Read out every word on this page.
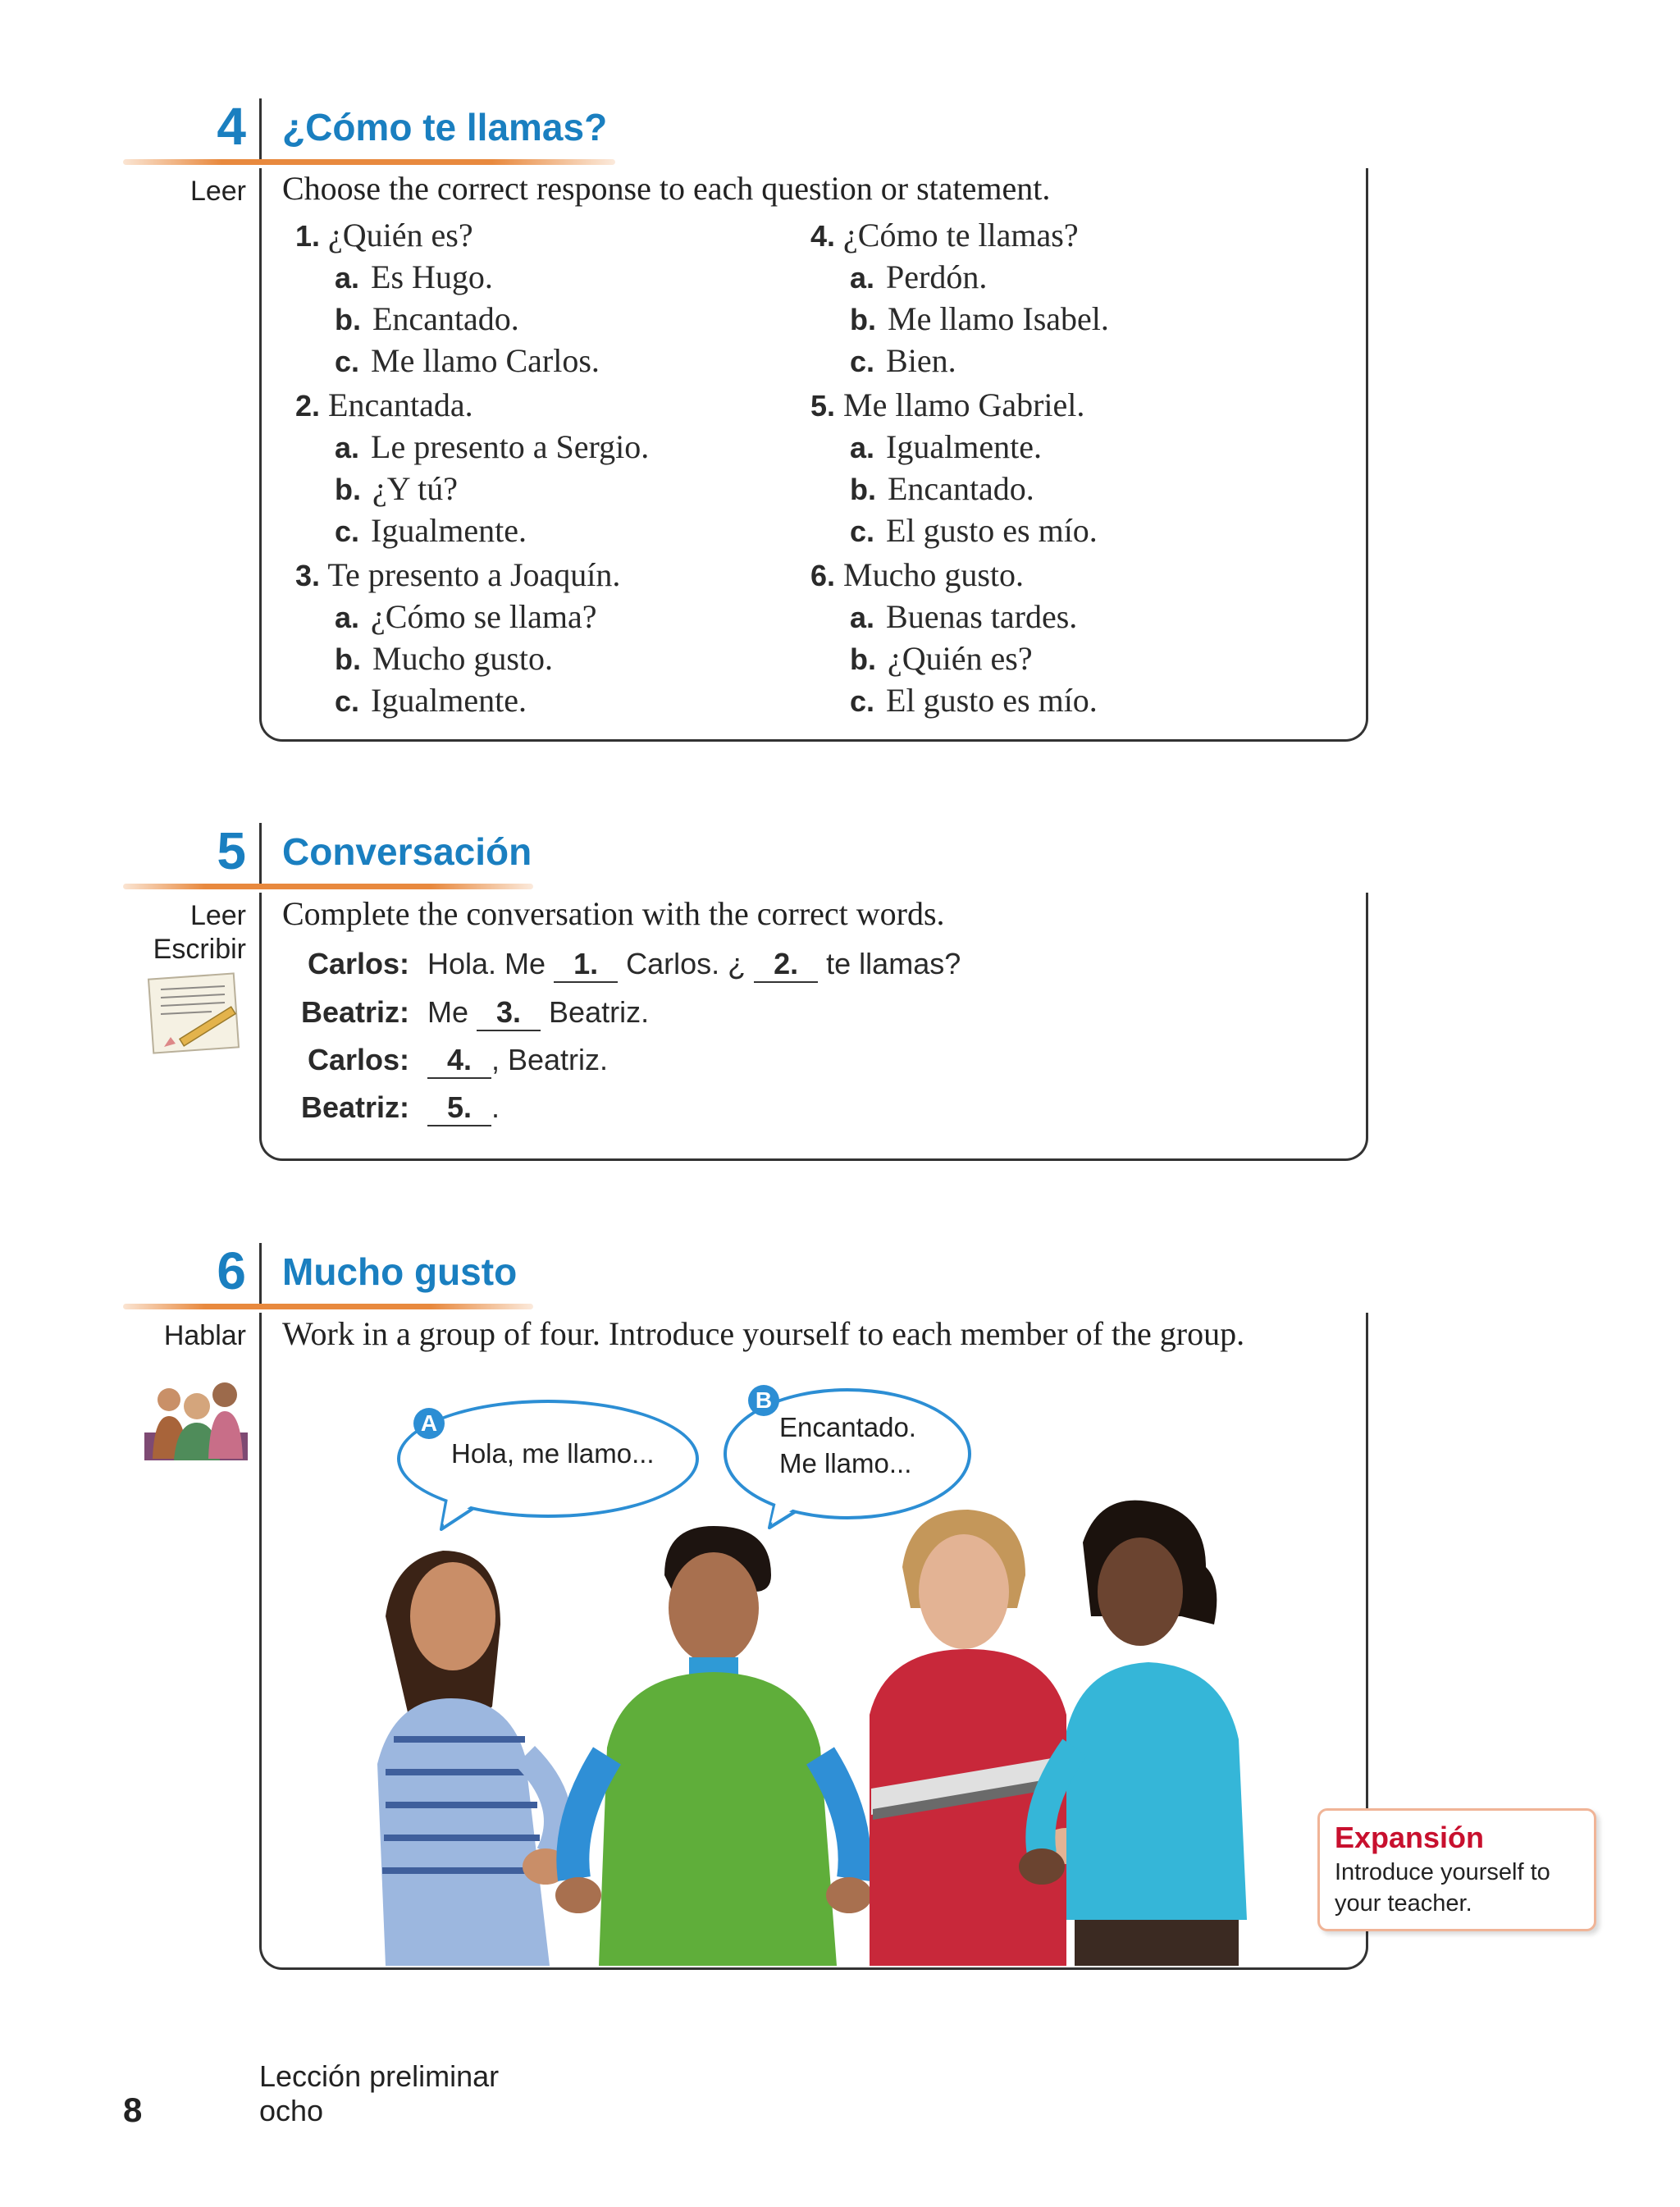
4 ¿Cómo te llamas?
Leer Choose the correct response to each question or statement.
1. ¿Quién es?
a. Es Hugo.
b. Encantado.
c. Me llamo Carlos.
2. Encantada.
a. Le presento a Sergio.
b. ¿Y tú?
c. Igualmente.
3. Te presento a Joaquín.
a. ¿Cómo se llama?
b. Mucho gusto.
c. Igualmente.
4. ¿Cómo te llamas?
a. Perdón.
b. Me llamo Isabel.
c. Bien.
5. Me llamo Gabriel.
a. Igualmente.
b. Encantado.
c. El gusto es mío.
6. Mucho gusto.
a. Buenas tardes.
b. ¿Quién es?
c. El gusto es mío.
5 Conversación
Leer
Escribir
Complete the conversation with the correct words.
Carlos: Hola. Me 1. Carlos. ¿ 2. te llamas?
Beatriz: Me 3. Beatriz.
Carlos: 4. , Beatriz.
Beatriz: 5. .
6 Mucho gusto
Hablar Work in a group of four. Introduce yourself to each member of the group.
A
Hola, me llamo...
B
Encantado.
Me llamo...
Expansión
Introduce yourself to your teacher.
8
Lección preliminar
ocho
